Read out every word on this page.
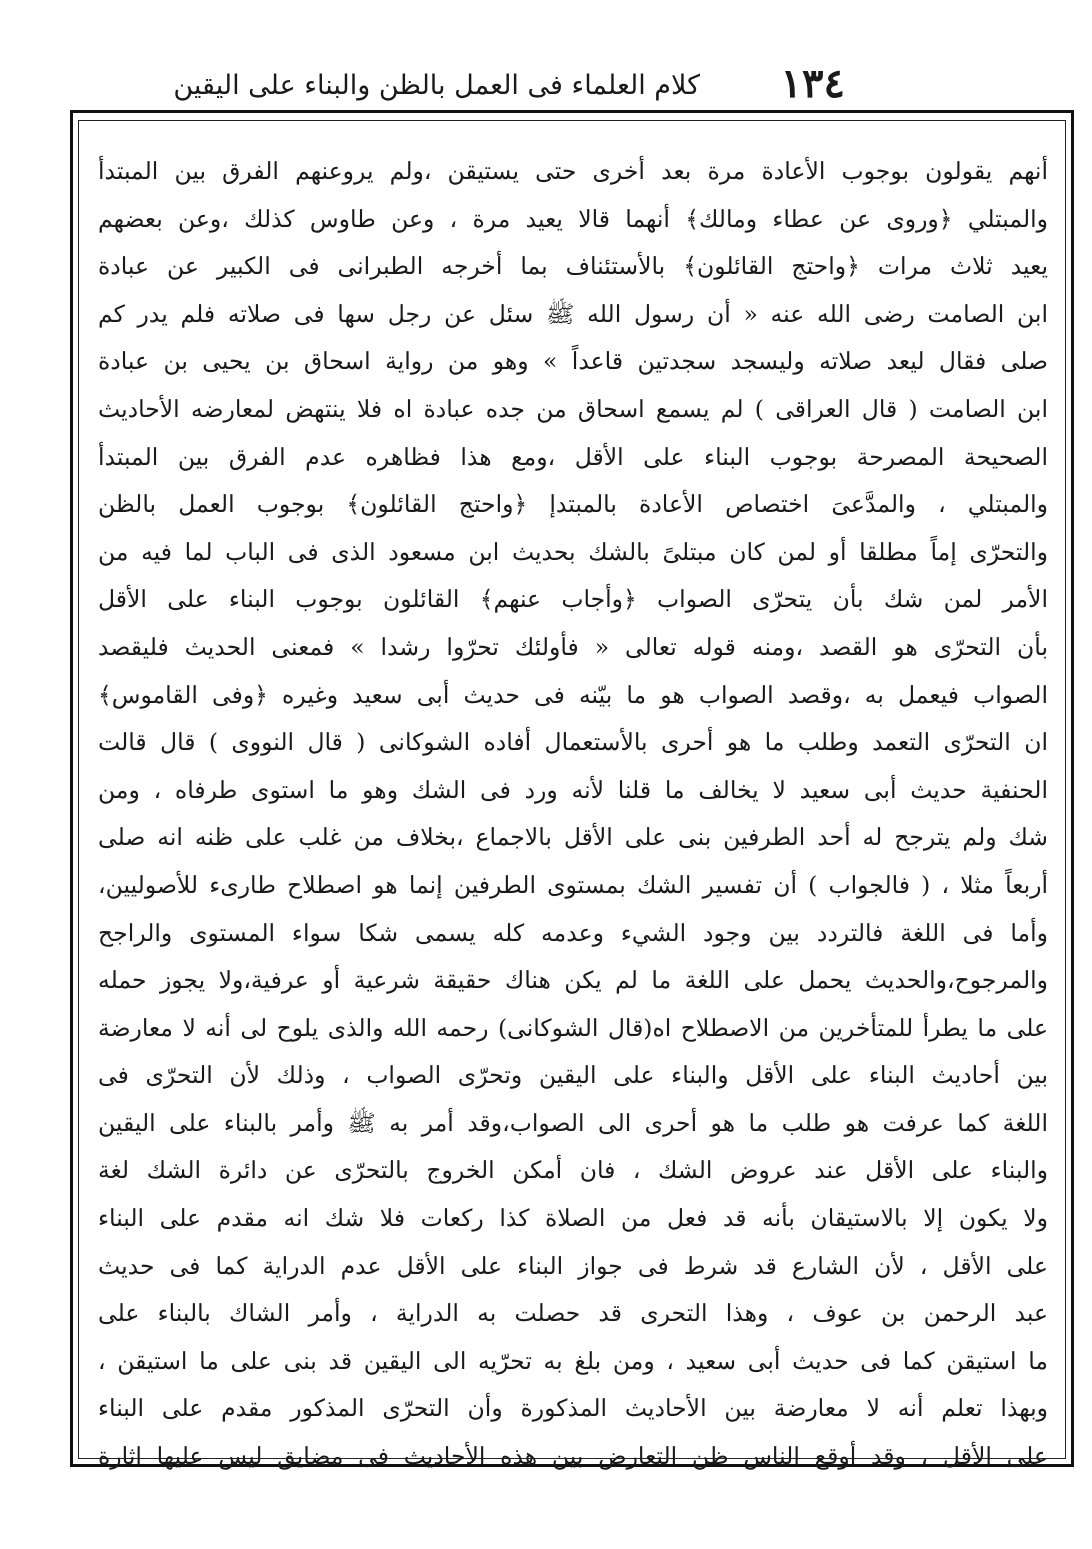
١٣٤
كلام العلماء فى العمل بالظن والبناء على اليقين
أنهم يقولون بوجوب الأعادة مرة بعد أخرى حتى يستيقن ،ولم يروعنهم الفرق بين المبتدأ
والمبتلي ﴿وروى عن عطاء ومالك﴾ أنهما قالا يعيد مرة ، وعن طاوس كذلك ،وعن بعضهم
يعيد ثلاث مرات ﴿واحتج القائلون﴾ بالأستئناف بما أخرجه الطبرانى فى الكبير عن عبادة
ابن الصامت رضى الله عنه « أن رسول الله ﷺ سئل عن رجل سها فى صلاته فلم يدر كم
صلى فقال ليعد صلاته وليسجد سجدتين قاعداً » وهو من رواية اسحاق بن يحيى بن عبادة
ابن الصامت ( قال العراقى ) لم يسمع اسحاق من جده عبادة اه فلا ينتهض لمعارضه الأحاديث
الصحيحة المصرحة بوجوب البناء على الأقل ،ومع هذا فظاهره عدم الفرق بين المبتدأ
والمبتلي ، والمدَّعىَ اختصاص الأعادة بالمبتدإ ﴿واحتج القائلون﴾ بوجوب العمل بالظن
والتحرّى إماً مطلقا أو لمن كان مبتلىً بالشك بحديث ابن مسعود الذى فى الباب لما فيه من
الأمر لمن شك بأن يتحرّى الصواب ﴿وأجاب عنهم﴾ القائلون بوجوب البناء على الأقل
بأن التحرّى هو القصد ،ومنه قوله تعالى « فأولئك تحرّوا رشدا » فمعنى الحديث فليقصد
الصواب فيعمل به ،وقصد الصواب هو ما بيّنه فى حديث أبى سعيد وغيره ﴿وفى القاموس﴾
ان التحرّى التعمد وطلب ما هو أحرى بالأستعمال أفاده الشوكانى ( قال النووى ) قال قالت
الحنفية حديث أبى سعيد لا يخالف ما قلنا لأنه ورد فى الشك وهو ما استوى طرفاه ، ومن
شك ولم يترجح له أحد الطرفين بنى على الأقل بالاجماع ،بخلاف من غلب على ظنه انه صلى
أربعاً مثلا ، ( فالجواب ) أن تفسير الشك بمستوى الطرفين إنما هو اصطلاح طارىء للأصوليين،
وأما فى اللغة فالتردد بين وجود الشيء وعدمه كله يسمى شكا سواء المستوى والراجح
والمرجوح،والحديث يحمل على اللغة ما لم يكن هناك حقيقة شرعية أو عرفية،ولا يجوز حمله
على ما يطرأ للمتأخرين من الاصطلاح اه(قال الشوكانى) رحمه الله والذى يلوح لى أنه لا معارضة
بين أحاديث البناء على الأقل والبناء على اليقين وتحرّى الصواب ، وذلك لأن التحرّى فى
اللغة كما عرفت هو طلب ما هو أحرى الى الصواب،وقد أمر به ﷺ وأمر بالبناء على اليقين
والبناء على الأقل عند عروض الشك ، فان أمكن الخروج بالتحرّى عن دائرة الشك لغة
ولا يكون إلا بالاستيقان بأنه قد فعل من الصلاة كذا ركعات فلا شك انه مقدم على البناء
على الأقل ، لأن الشارع قد شرط فى جواز البناء على الأقل عدم الدراية كما فى حديث
عبد الرحمن بن عوف ، وهذا التحرى قد حصلت به الدراية ، وأمر الشاك بالبناء على
ما استيقن كما فى حديث أبى سعيد ، ومن بلغ به تحرّيه الى اليقين قد بنى على ما استيقن ،
وبهذا تعلم أنه لا معارضة بين الأحاديث المذكورة وأن التحرّى المذكور مقدم على البناء
على الأقل ، وقد أوقع الناس ظن التعارض بين هذه الأحاديث فى مضايق ليس عليها اثارة
